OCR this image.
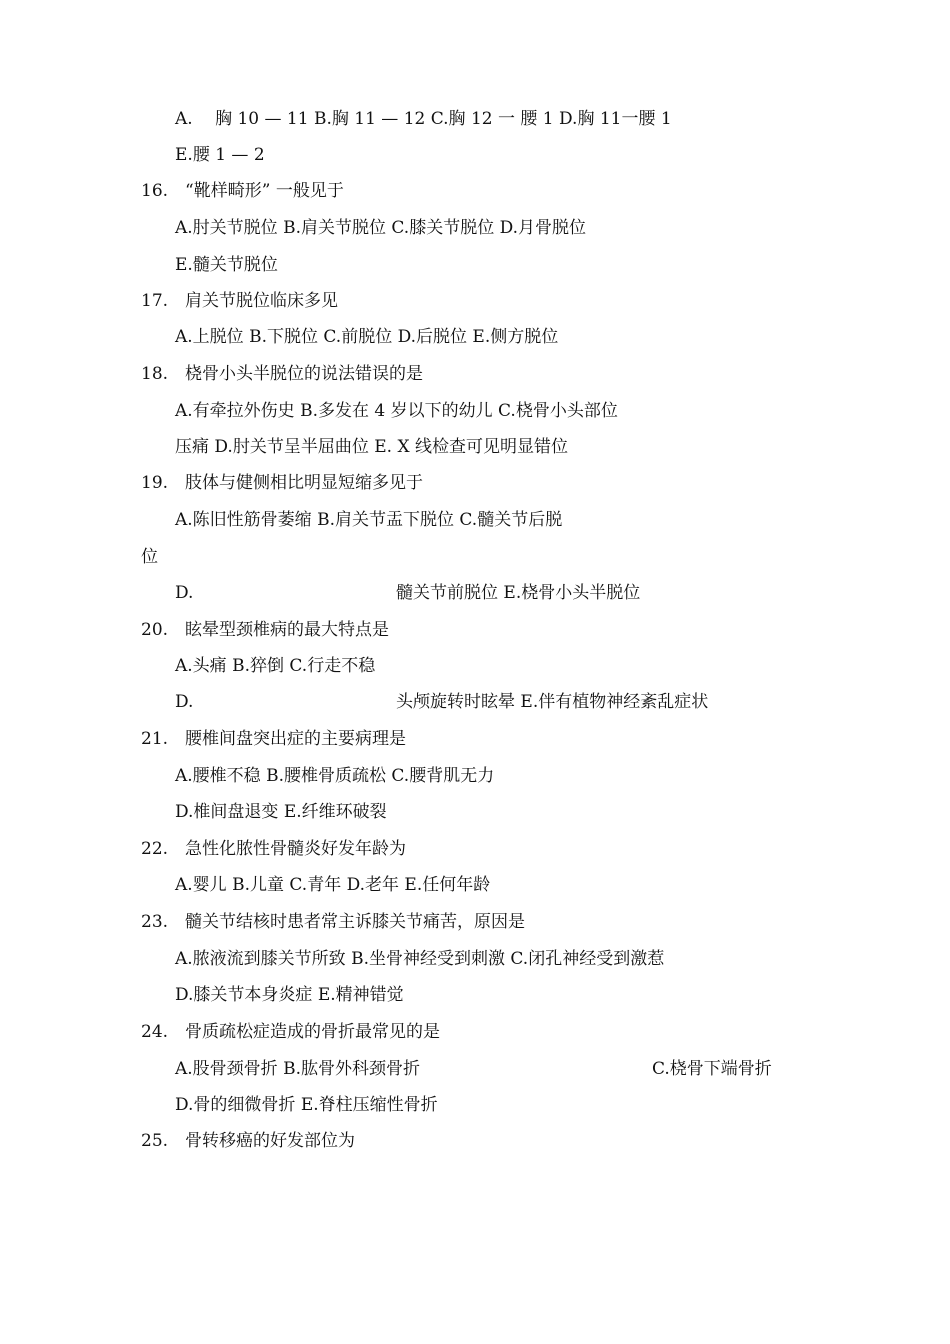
A.　 胸 10 — 11 B.胸 11 — 12 C.胸 12 一 腰 1 D.胸 11一腰 1
E.腰 1 — 2
16.　“靴样畸形” 一般见于
A.肘关节脱位 B.肩关节脱位 C.膝关节脱位 D.月骨脱位
E.髓关节脱位
17.　肩关节脱位临床多见
A.上脱位 B.下脱位 C.前脱位 D.后脱位 E.侧方脱位
18.　桡骨小头半脱位的说法错误的是
A.有牵拉外伤史 B.多发在 4 岁以下的幼儿 C.桡骨小头部位
压痛 D.肘关节呈半屈曲位 E. X 线检查可见明显错位
19.　肢体与健侧相比明显短缩多见于
A.陈旧性筋骨萎缩 B.肩关节盂下脱位 C.髓关节后脱
位
D.	髓关节前脱位 E.桡骨小头半脱位
20.　眩晕型颈椎病的最大特点是
A.头痛 B.猝倒 C.行走不稳
D.	头颅旋转时眩晕 E.伴有植物神经紊乱症状
21.　腰椎间盘突出症的主要病理是
A.腰椎不稳 B.腰椎骨质疏松 C.腰背肌无力
D.椎间盘退变 E.纤维环破裂
22.　急性化脓性骨髓炎好发年龄为
A.婴儿 B.儿童 C.青年 D.老年 E.任何年龄
23.　髓关节结核时患者常主诉膝关节痛苦，原因是
A.脓液流到膝关节所致 B.坐骨神经受到刺激 C.闭孔神经受到激惹
D.膝关节本身炎症 E.精神错觉
24.　骨质疏松症造成的骨折最常见的是
A.股骨颈骨折 B.肱骨外科颈骨折	C.桡骨下端骨折
D.骨的细微骨折 E.脊柱压缩性骨折
25.　骨转移癌的好发部位为
